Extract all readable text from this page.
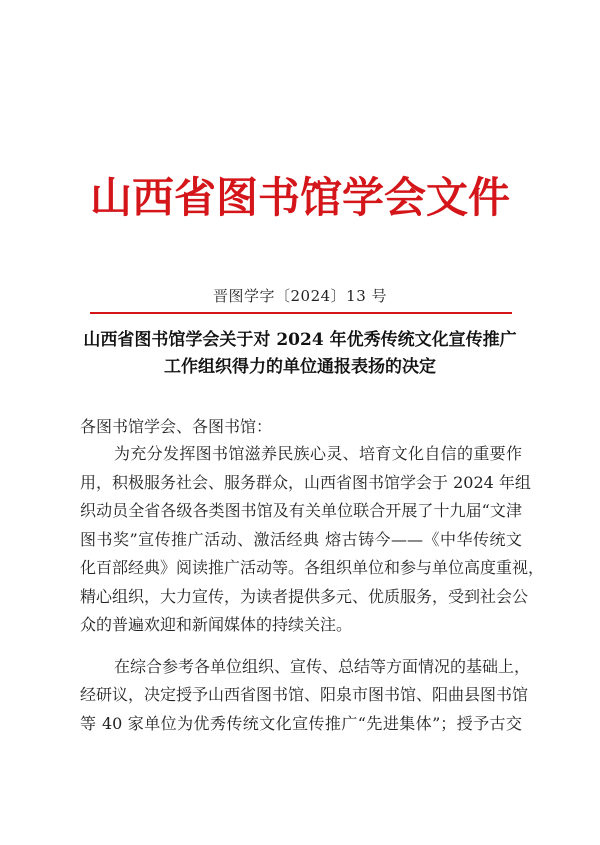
山西省图书馆学会文件
晋图学字〔2024〕13 号
山西省图书馆学会关于对 2024 年优秀传统文化宣传推广
工作组织得力的单位通报表扬的决定
各图书馆学会、各图书馆：
为充分发挥图书馆滋养民族心灵、培育文化自信的重要作
用，积极服务社会、服务群众，山西省图书馆学会于 2024 年组
织动员全省各级各类图书馆及有关单位联合开展了十九届“文津
图书奖”宣传推广活动、激活经典 熔古铸今——《中华传统文
化百部经典》阅读推广活动等。各组织单位和参与单位高度重视，
精心组织，大力宣传，为读者提供多元、优质服务，受到社会公
众的普遍欢迎和新闻媒体的持续关注。
在综合参考各单位组织、宣传、总结等方面情况的基础上，
经研议，决定授予山西省图书馆、阳泉市图书馆、阳曲县图书馆
等 40 家单位为优秀传统文化宣传推广“先进集体”；授予古交
